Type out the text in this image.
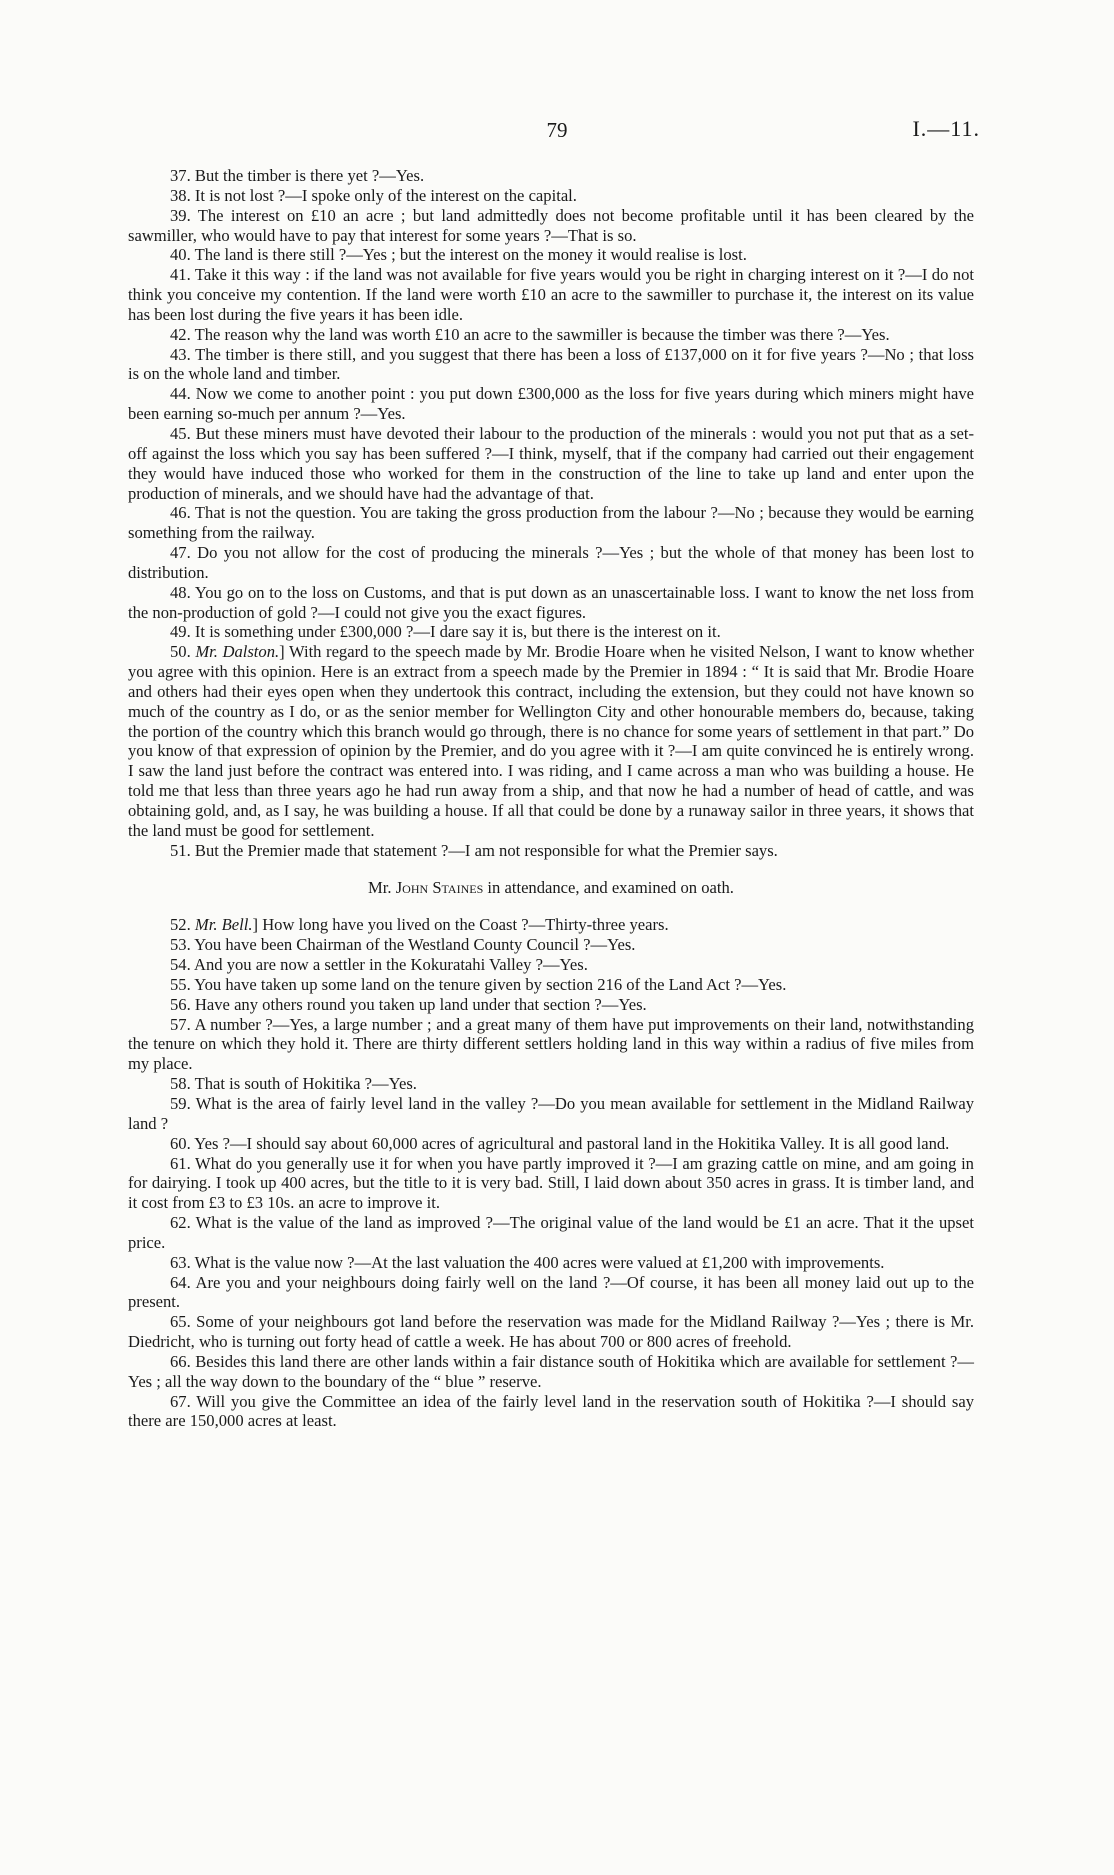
79	I.—11.

37. But the timber is there yet ?—Yes.

38. It is not lost ?—I spoke only of the interest on the capital.

39. The interest on £10 an acre ; but land admittedly does not become profitable until it has been cleared by the sawmiller, who would have to pay that interest for some years ?—That is so.

40. The land is there still ?—Yes ; but the interest on the money it would realise is lost.

41. Take it this way : if the land was not available for five years would you be right in charging interest on it ?—I do not think you conceive my contention. If the land were worth £10 an acre to the sawmiller to purchase it, the interest on its value has been lost during the five years it has been idle.

42. The reason why the land was worth £10 an acre to the sawmiller is because the timber was there ?—Yes.

43. The timber is there still, and you suggest that there has been a loss of £137,000 on it for five years ?—No ; that loss is on the whole land and timber.

44. Now we come to another point : you put down £300,000 as the loss for five years during which miners might have been earning so-much per annum ?—Yes.

45. But these miners must have devoted their labour to the production of the minerals : would you not put that as a set-off against the loss which you say has been suffered ?—I think, myself, that if the company had carried out their engagement they would have induced those who worked for them in the construction of the line to take up land and enter upon the production of minerals, and we should have had the advantage of that.

46. That is not the question. You are taking the gross production from the labour ?—No ; because they would be earning something from the railway.

47. Do you not allow for the cost of producing the minerals ?—Yes ; but the whole of that money has been lost to distribution.

48. You go on to the loss on Customs, and that is put down as an unascertainable loss. I want to know the net loss from the non-production of gold ?—I could not give you the exact figures.

49. It is something under £300,000 ?—I dare say it is, but there is the interest on it.

50. Mr. Dalston.] With regard to the speech made by Mr. Brodie Hoare when he visited Nelson, I want to know whether you agree with this opinion. Here is an extract from a speech made by the Premier in 1894 : “ It is said that Mr. Brodie Hoare and others had their eyes open when they undertook this contract, including the extension, but they could not have known so much of the country as I do, or as the senior member for Wellington City and other honourable members do, because, taking the portion of the country which this branch would go through, there is no chance for some years of settlement in that part.” Do you know of that expression of opinion by the Premier, and do you agree with it ?—I am quite convinced he is entirely wrong. I saw the land just before the contract was entered into. I was riding, and I came across a man who was building a house. He told me that less than three years ago he had run away from a ship, and that now he had a number of head of cattle, and was obtaining gold, and, as I say, he was building a house. If all that could be done by a runaway sailor in three years, it shows that the land must be good for settlement.

51. But the Premier made that statement ?—I am not responsible for what the Premier says.

Mr. John Staines in attendance, and examined on oath.

52. Mr. Bell.] How long have you lived on the Coast ?—Thirty-three years.

53. You have been Chairman of the Westland County Council ?—Yes.

54. And you are now a settler in the Kokuratahi Valley ?—Yes.

55. You have taken up some land on the tenure given by section 216 of the Land Act ?—Yes.

56. Have any others round you taken up land under that section ?—Yes.

57. A number ?—Yes, a large number ; and a great many of them have put improvements on their land, notwithstanding the tenure on which they hold it. There are thirty different settlers holding land in this way within a radius of five miles from my place.

58. That is south of Hokitika ?—Yes.

59. What is the area of fairly level land in the valley ?—Do you mean available for settlement in the Midland Railway land ?

60. Yes ?—I should say about 60,000 acres of agricultural and pastoral land in the Hokitika Valley. It is all good land.

61. What do you generally use it for when you have partly improved it ?—I am grazing cattle on mine, and am going in for dairying. I took up 400 acres, but the title to it is very bad. Still, I laid down about 350 acres in grass. It is timber land, and it cost from £3 to £3 10s. an acre to improve it.

62. What is the value of the land as improved ?—The original value of the land would be £1 an acre. That it the upset price.

63. What is the value now ?—At the last valuation the 400 acres were valued at £1,200 with improvements.

64. Are you and your neighbours doing fairly well on the land ?—Of course, it has been all money laid out up to the present.

65. Some of your neighbours got land before the reservation was made for the Midland Railway ?—Yes ; there is Mr. Diedricht, who is turning out forty head of cattle a week. He has about 700 or 800 acres of freehold.

66. Besides this land there are other lands within a fair distance south of Hokitika which are available for settlement ?—Yes ; all the way down to the boundary of the “ blue ” reserve.

67. Will you give the Committee an idea of the fairly level land in the reservation south of Hokitika ?—I should say there are 150,000 acres at least.
